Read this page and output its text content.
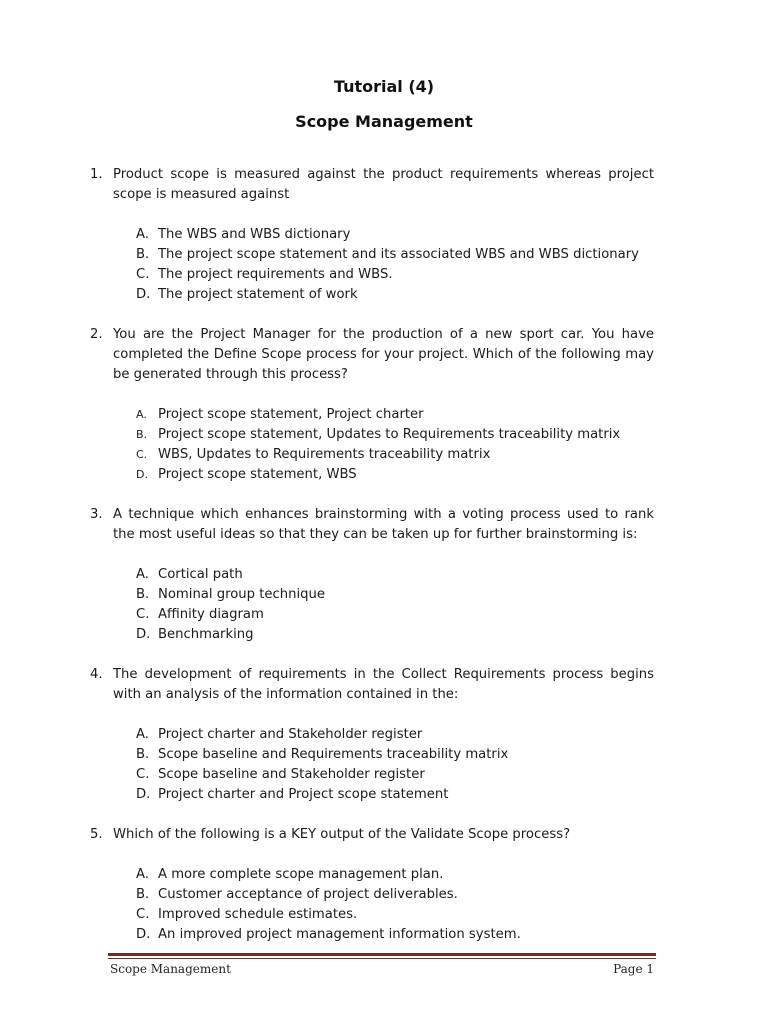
Tutorial (4)
Scope Management
1. Product scope is measured against the product requirements whereas project scope is measured against
A. The WBS and WBS dictionary
B. The project scope statement and its associated WBS and WBS dictionary
C. The project requirements and WBS.
D. The project statement of work
2. You are the Project Manager for the production of a new sport car. You have completed the Define Scope process for your project. Which of the following may be generated through this process?
A. Project scope statement, Project charter
B. Project scope statement, Updates to Requirements traceability matrix
C. WBS, Updates to Requirements traceability matrix
D. Project scope statement, WBS
3. A technique which enhances brainstorming with a voting process used to rank the most useful ideas so that they can be taken up for further brainstorming is:
A. Cortical path
B. Nominal group technique
C. Affinity diagram
D. Benchmarking
4. The development of requirements in the Collect Requirements process begins with an analysis of the information contained in the:
A. Project charter and Stakeholder register
B. Scope baseline and Requirements traceability matrix
C. Scope baseline and Stakeholder register
D. Project charter and Project scope statement
5. Which of the following is a KEY output of the Validate Scope process?
A. A more complete scope management plan.
B. Customer acceptance of project deliverables.
C. Improved schedule estimates.
D. An improved project management information system.
Scope Management	Page 1
